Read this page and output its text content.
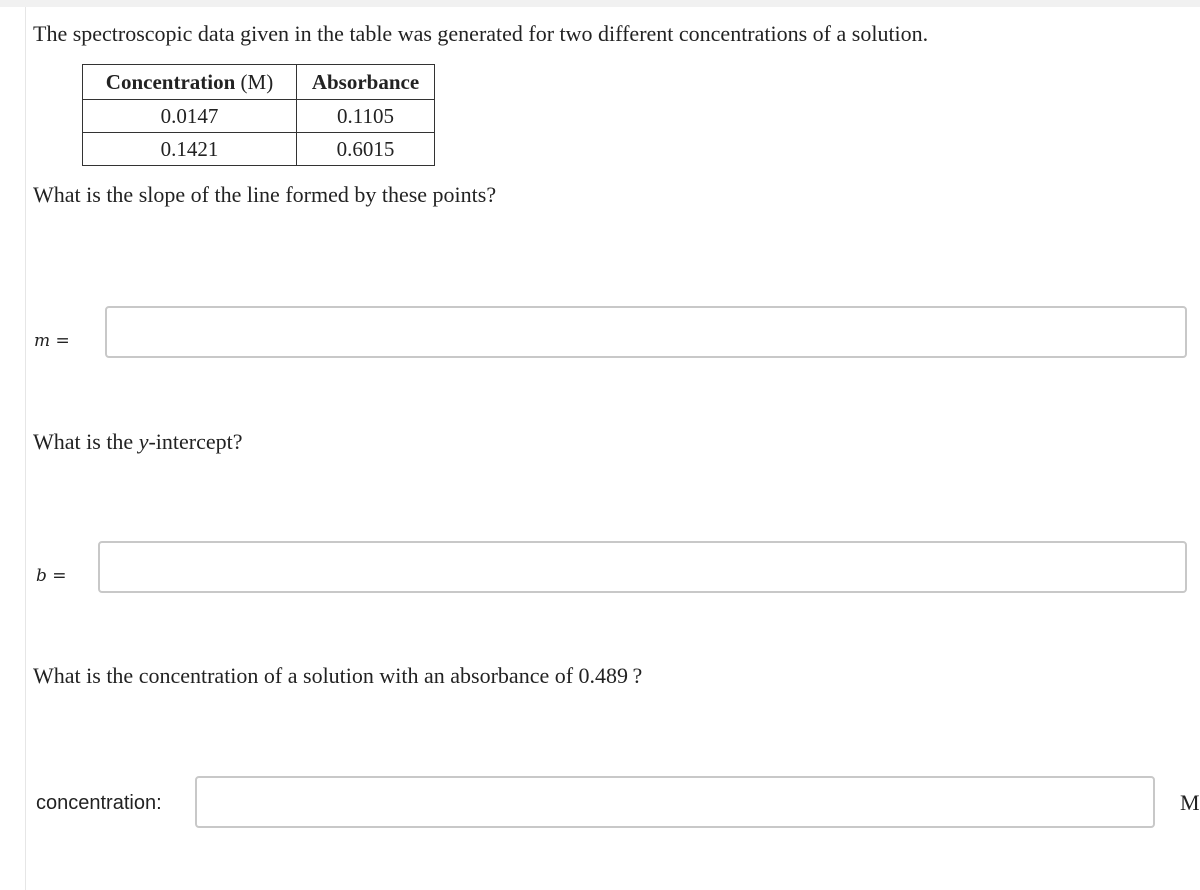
The spectroscopic data given in the table was generated for two different concentrations of a solution.
Concentration (M)	Absorbance
0.0147	0.1105
0.1421	0.6015
What is the slope of the line formed by these points?
m =
What is the y-intercept?
b =
What is the concentration of a solution with an absorbance of 0.489 ?
concentration:	M
